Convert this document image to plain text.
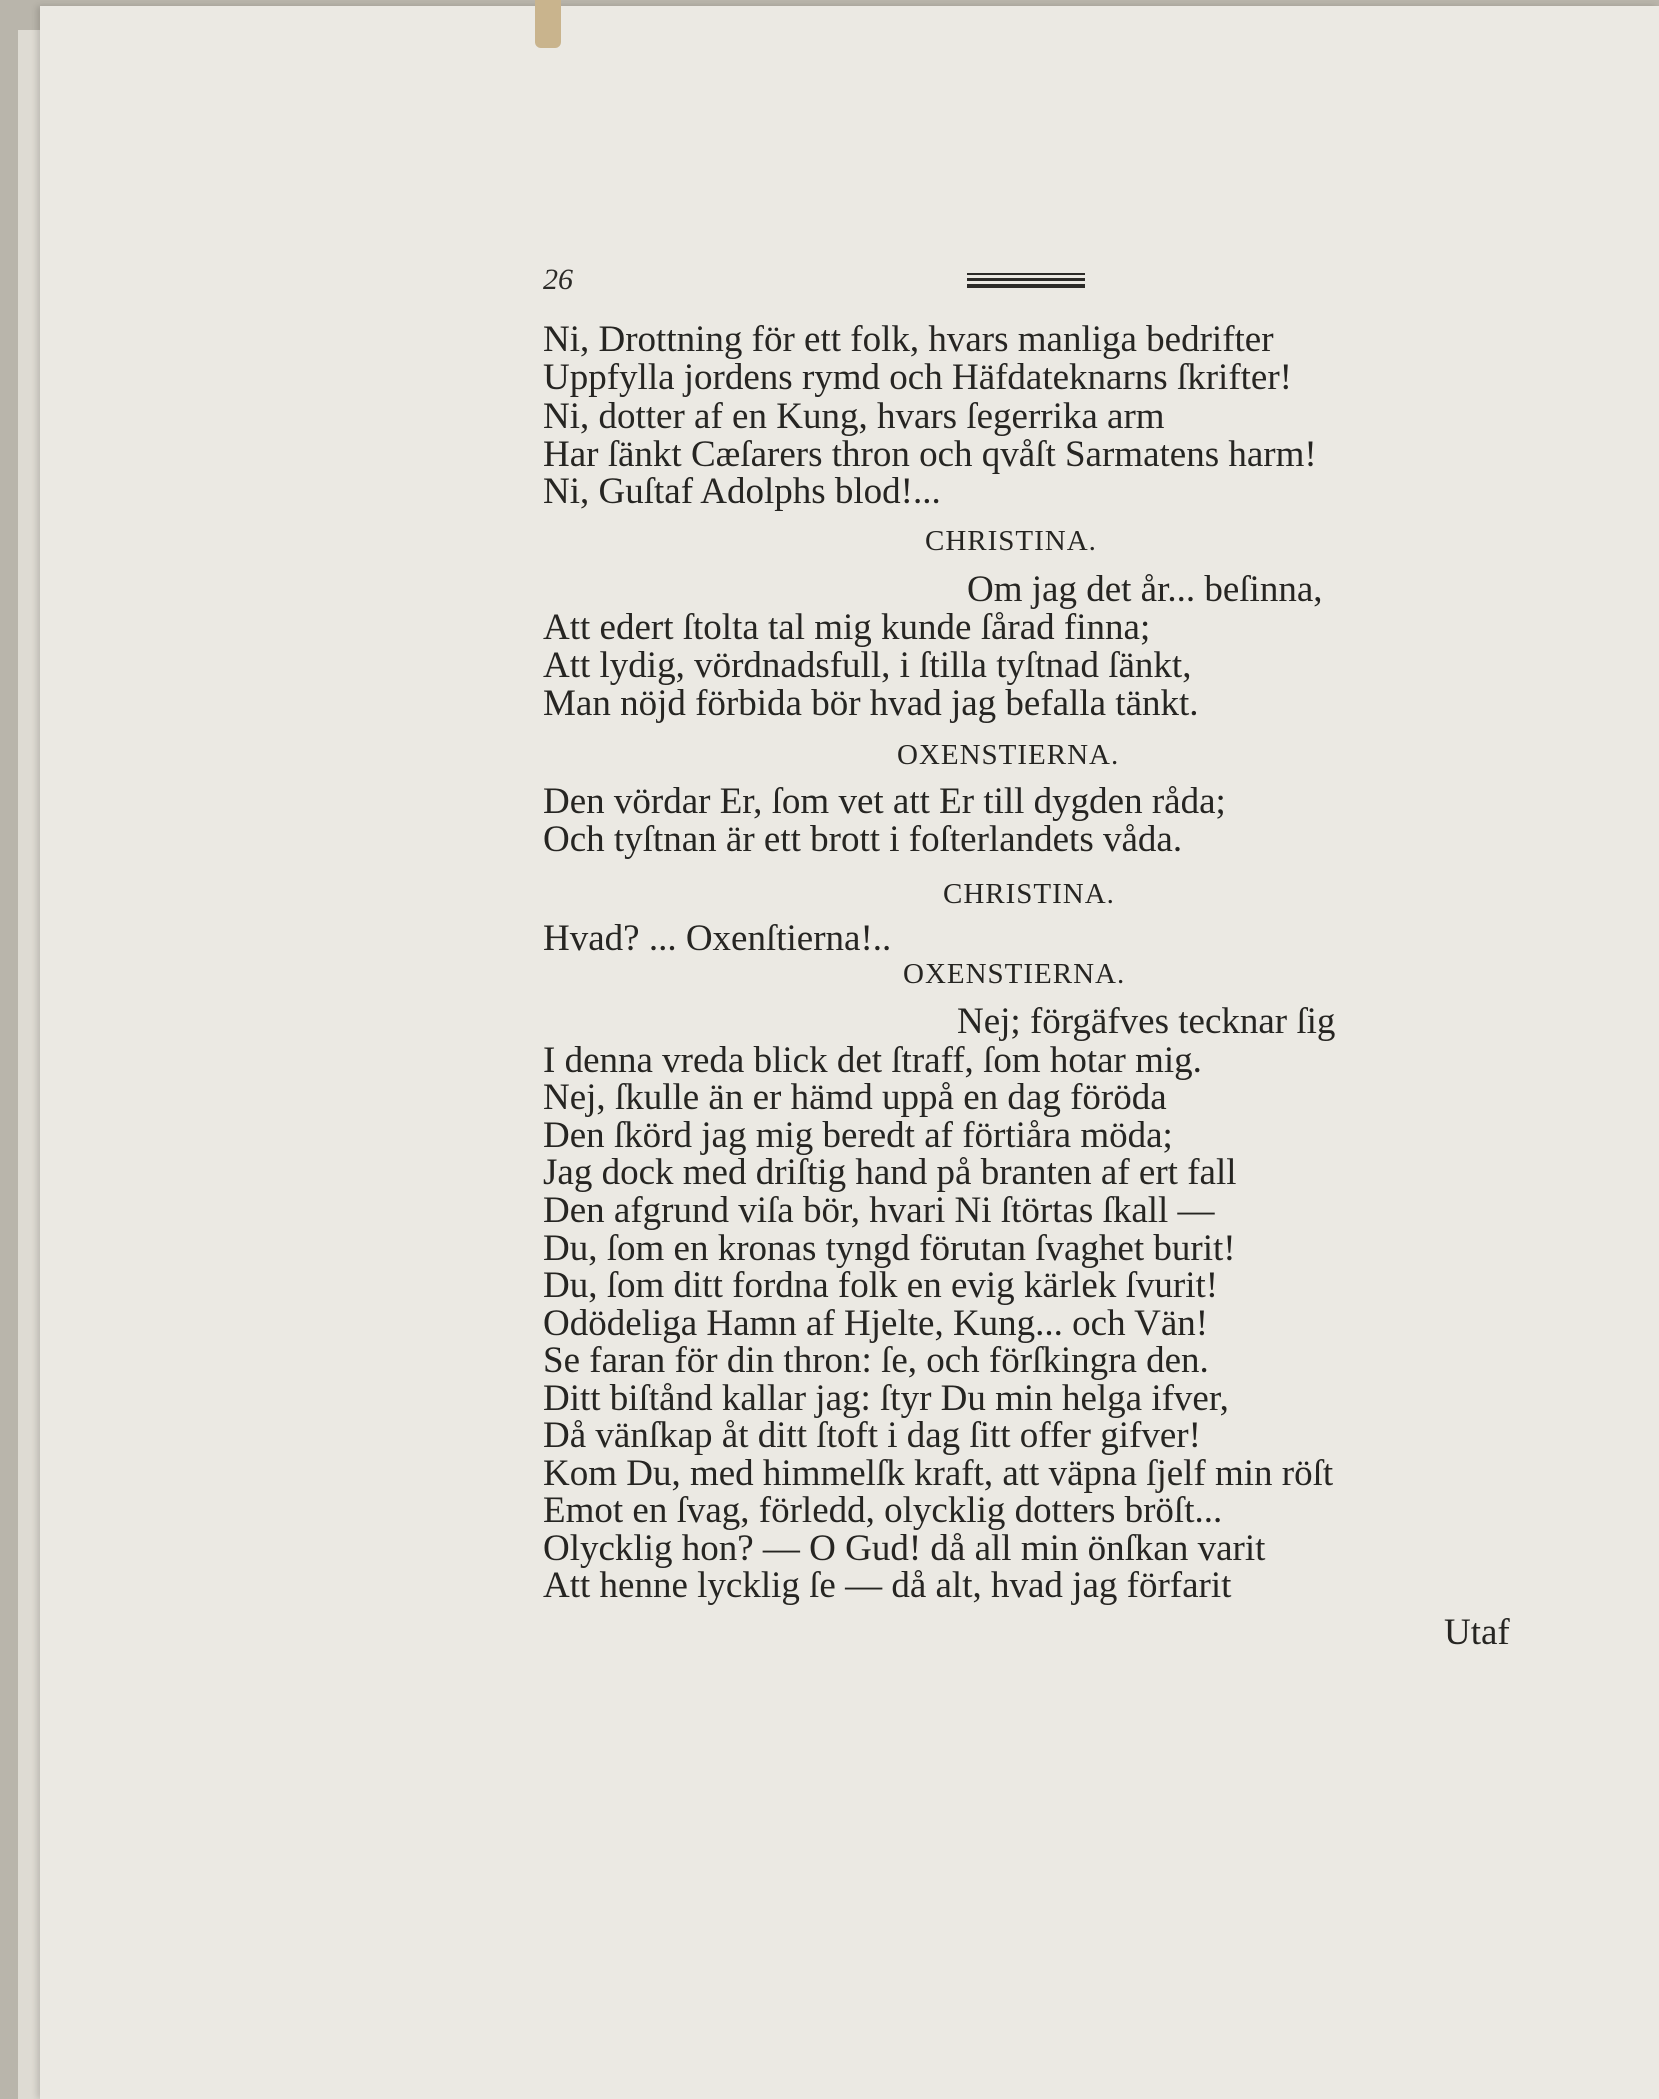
26
Ni, Drottning för ett folk, hvars manliga bedrifter
Uppfylla jordens rymd och Häfdateknarns ſkrifter!
Ni, dotter af en Kung, hvars ſegerrika arm
Har ſänkt Cæſarers thron och qvåſt Sarmatens harm!
Ni, Guſtaf Adolphs blod!...
CHRISTINA.
Om jag det år... beſinna,
Att edert ſtolta tal mig kunde ſårad finna;
Att lydig, vördnadsfull, i ſtilla tyſtnad ſänkt,
Man nöjd förbida bör hvad jag befalla tänkt.
OXENSTIERNA.
Den vördar Er, ſom vet att Er till dygden råda;
Och tyſtnan är ett brott i foſterlandets våda.
CHRISTINA.
Hvad? ... Oxenſtierna!..
OXENSTIERNA.
Nej; förgäfves tecknar ſig
I denna vreda blick det ſtraff, ſom hotar mig.
Nej, ſkulle än er hämd uppå en dag föröda
Den ſkörd jag mig beredt af förtiåra möda;
Jag dock med driſtig hand på branten af ert fall
Den afgrund viſa bör, hvari Ni ſtörtas ſkall —
Du, ſom en kronas tyngd förutan ſvaghet burit!
Du, ſom ditt fordna folk en evig kärlek ſvurit!
Odödeliga Hamn af Hjelte, Kung... och Vän!
Se faran för din thron: ſe, och förſkingra den.
Ditt biſtånd kallar jag: ſtyr Du min helga ifver,
Då vänſkap åt ditt ſtoft i dag ſitt offer gifver!
Kom Du, med himmelſk kraft, att väpna ſjelf min röſt
Emot en ſvag, förledd, olycklig dotters bröſt...
Olycklig hon? — O Gud! då all min önſkan varit
Att henne lycklig ſe — då alt, hvad jag förfarit
Utaf
